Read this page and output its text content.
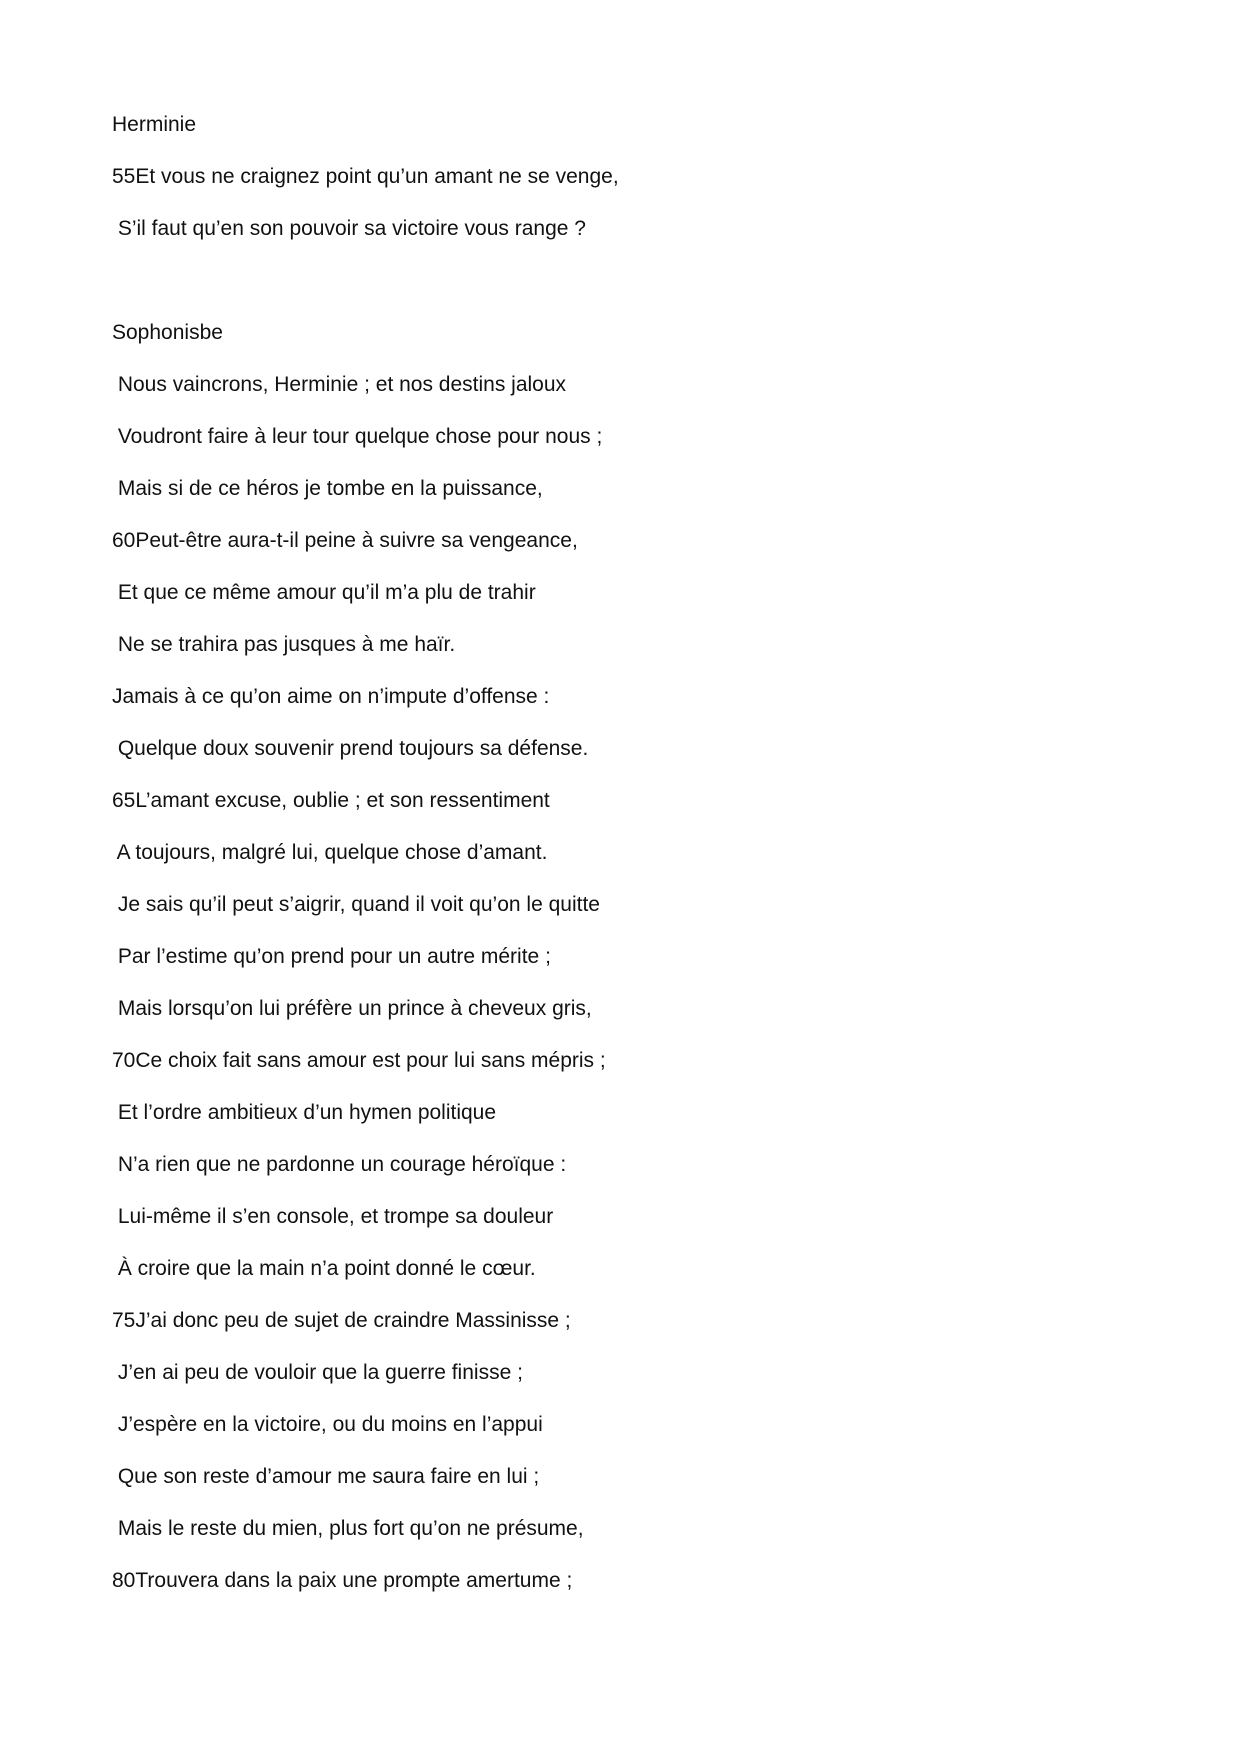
Herminie
55Et vous ne craignez point qu’un amant ne se venge,
S’il faut qu’en son pouvoir sa victoire vous range ?
Sophonisbe
Nous vaincrons, Herminie ; et nos destins jaloux
Voudront faire à leur tour quelque chose pour nous ;
Mais si de ce héros je tombe en la puissance,
60Peut-être aura-t-il peine à suivre sa vengeance,
Et que ce même amour qu’il m’a plu de trahir
Ne se trahira pas jusques à me haïr.
Jamais à ce qu’on aime on n’impute d’offense :
Quelque doux souvenir prend toujours sa défense.
65L’amant excuse, oublie ; et son ressentiment
A toujours, malgré lui, quelque chose d’amant.
Je sais qu’il peut s’aigrir, quand il voit qu’on le quitte
Par l’estime qu’on prend pour un autre mérite ;
Mais lorsqu’on lui préfère un prince à cheveux gris,
70Ce choix fait sans amour est pour lui sans mépris ;
Et l’ordre ambitieux d’un hymen politique
N’a rien que ne pardonne un courage héroïque :
Lui-même il s’en console, et trompe sa douleur
À croire que la main n’a point donné le cœur.
75J’ai donc peu de sujet de craindre Massinisse ;
J’en ai peu de vouloir que la guerre finisse ;
J’espère en la victoire, ou du moins en l’appui
Que son reste d’amour me saura faire en lui ;
Mais le reste du mien, plus fort qu’on ne présume,
80Trouvera dans la paix une prompte amertume ;
